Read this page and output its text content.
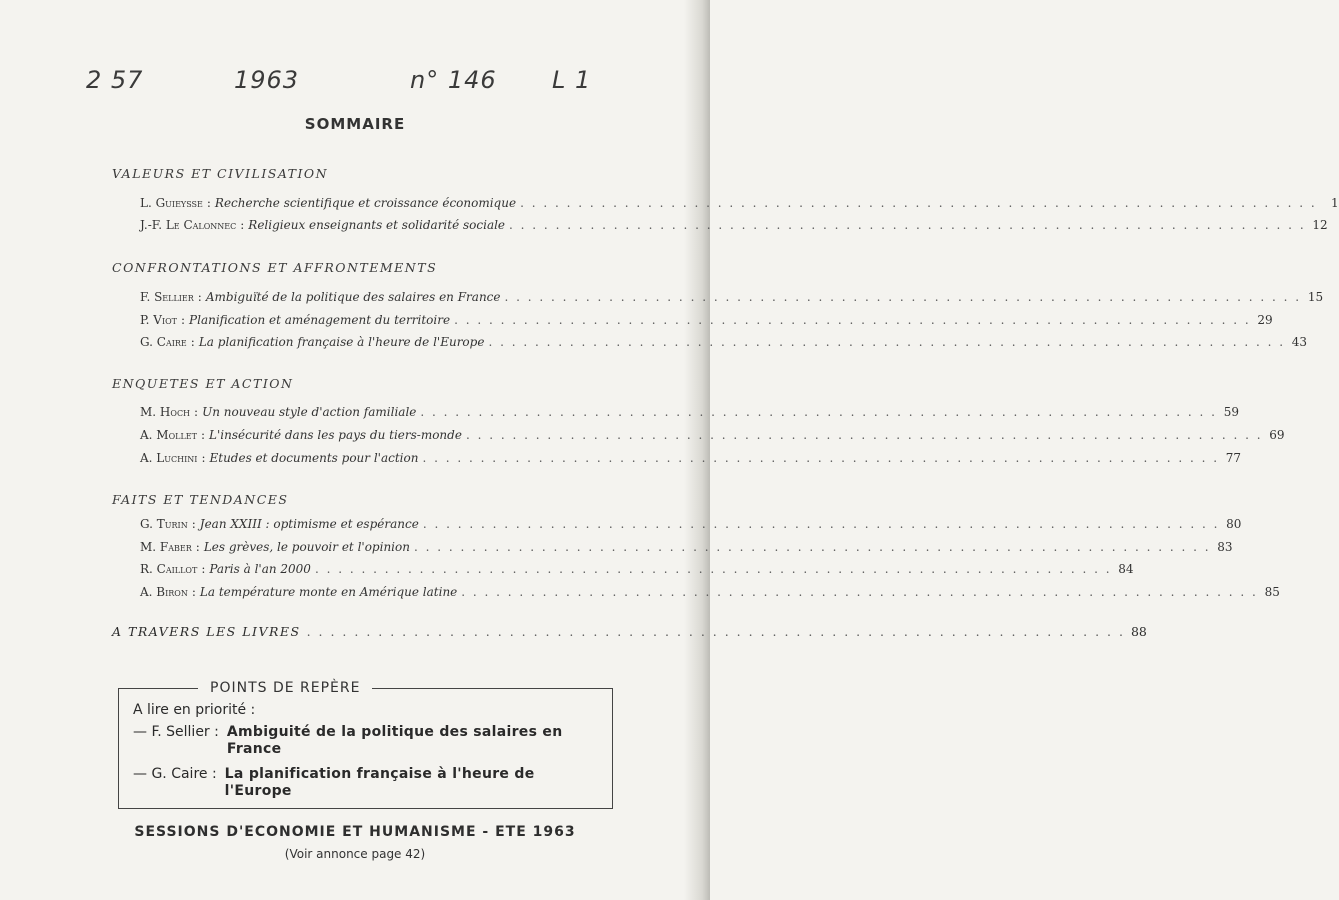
2 57	1963	n° 146 L 1
SOMMAIRE
VALEURS ET CIVILISATION
L. Guieysse : Recherche scientifique et croissance économique . . . . . . . . . . . . . . . . . . . . . . . . . . . . . . . . . . . . . . . . . . . . . . . . . . . . . . . . . . . . . . . . . . . . .	1
J.-F. Le Calonnec : Religieux enseignants et solidarité sociale . . . . . . . . . . . . . . . . . . . . . . . . . . . . . . . . . . . . . . . . . . . . . . . . . . . . . . . . . . . . . . . . . . . . . 12
CONFRONTATIONS ET AFFRONTEMENTS
F. Sellier : Ambiguïté de la politique des salaires en France . . . . . . . . . . . . . . . . . . . . . . . . . . . . . . . . . . . . . . . . . . . . . . . . . . . . . . . . . . . . . . . . . . . . . 15
P. Viot : Planification et aménagement du territoire . . . . . . . . . . . . . . . . . . . . . . . . . . . . . . . . . . . . . . . . . . . . . . . . . . . . . . . . . . . . . . . . . . . . . 29
G. Caire : La planification française à l'heure de l'Europe . . . . . . . . . . . . . . . . . . . . . . . . . . . . . . . . . . . . . . . . . . . . . . . . . . . . . . . . . . . . . . . . . . . . . 43
ENQUETES ET ACTION
M. Hoch : Un nouveau style d'action familiale . . . . . . . . . . . . . . . . . . . . . . . . . . . . . . . . . . . . . . . . . . . . . . . . . . . . . . . . . . . . . . . . . . . . . 59
A. Mollet : L'insécurité dans les pays du tiers-monde . . . . . . . . . . . . . . . . . . . . . . . . . . . . . . . . . . . . . . . . . . . . . . . . . . . . . . . . . . . . . . . . . . . . . 69
A. Luchini : Etudes et documents pour l'action . . . . . . . . . . . . . . . . . . . . . . . . . . . . . . . . . . . . . . . . . . . . . . . . . . . . . . . . . . . . . . . . . . . . . 77
FAITS ET TENDANCES
G. Turin : Jean XXIII : optimisme et espérance . . . . . . . . . . . . . . . . . . . . . . . . . . . . . . . . . . . . . . . . . . . . . . . . . . . . . . . . . . . . . . . . . . . . . 80
M. Faber : Les grèves, le pouvoir et l'opinion . . . . . . . . . . . . . . . . . . . . . . . . . . . . . . . . . . . . . . . . . . . . . . . . . . . . . . . . . . . . . . . . . . . . . 83
R. Caillot : Paris à l'an 2000 . . . . . . . . . . . . . . . . . . . . . . . . . . . . . . . . . . . . . . . . . . . . . . . . . . . . . . . . . . . . . . . . . . . . . 84
A. Biron : La température monte en Amérique latine . . . . . . . . . . . . . . . . . . . . . . . . . . . . . . . . . . . . . . . . . . . . . . . . . . . . . . . . . . . . . . . . . . . . . 85
A TRAVERS LES LIVRES . . . . . . . . . . . . . . . . . . . . . . . . . . . . . . . . . . . . . . . . . . . . . . . . . . . . . . . . . . . . . . . . . . . . . 88
A lire en priorité :
— F. Sellier : Ambiguité de la politique des salaires en France
— G. Caire : La planification française à l'heure de l'Europe
POINTS DE REPÈRE
SESSIONS D'ECONOMIE ET HUMANISME - ETE 1963
(Voir annonce page 42)
